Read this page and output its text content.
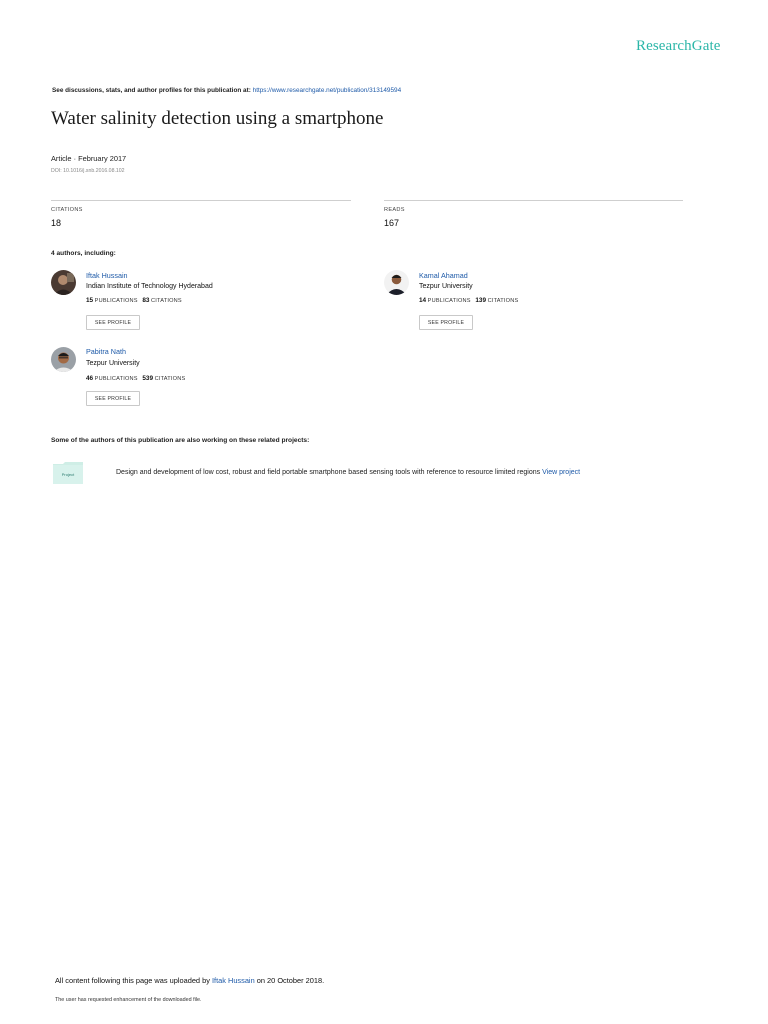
ResearchGate
See discussions, stats, and author profiles for this publication at: https://www.researchgate.net/publication/313149594
Water salinity detection using a smartphone
Article · February 2017
DOI: 10.1016/j.snb.2016.08.102
CITATIONS
18
READS
167
4 authors, including:
Iftak Hussain
Indian Institute of Technology Hyderabad
15 PUBLICATIONS 83 CITATIONS
SEE PROFILE
Kamal Ahamad
Tezpur University
14 PUBLICATIONS 139 CITATIONS
SEE PROFILE
Pabitra Nath
Tezpur University
46 PUBLICATIONS 539 CITATIONS
SEE PROFILE
Some of the authors of this publication are also working on these related projects:
Project	Design and development of low cost, robust and field portable smartphone based sensing tools with reference to resource limited regions View project
All content following this page was uploaded by Iftak Hussain on 20 October 2018.
The user has requested enhancement of the downloaded file.
